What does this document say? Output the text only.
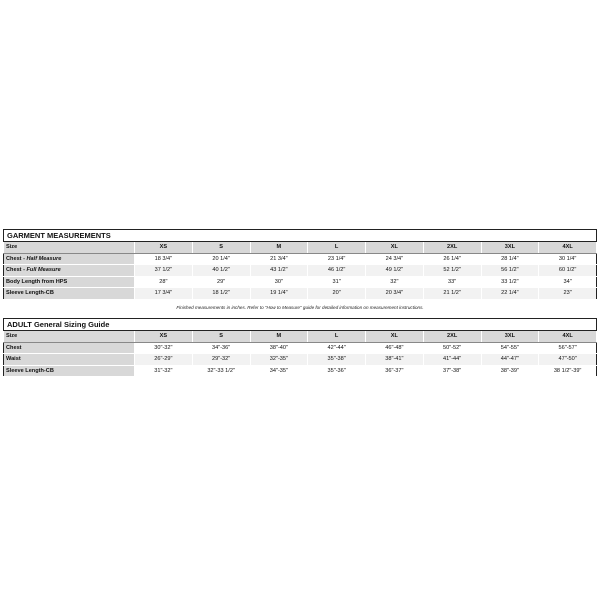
GARMENT MEASUREMENTS								
Size	XS	S	M	L	XL	2XL	3XL	4XL
Chest - Half Measure	18 3/4"	20 1/4"	21 3/4"	23 1/4"	24 3/4"	26 1/4"	28 1/4"	30 1/4"
Chest - Full Measure	37 1/2"	40 1/2"	43 1/2"	46 1/2"	49 1/2"	52 1/2"	56 1/2"	60 1/2"
Body Length from HPS	28"	29"	30"	31"	32"	33"	33 1/2"	34"
Sleeve Length-CB	17 3/4"	18 1/2"	19 1/4"	20"	20 3/4"	21 1/2"	22 1/4"	23"
Finished measurements in inches. Refer to "How to Measure" guide for detailed information on measurement instructions.
ADULT General Sizing Guide								
Size	XS	S	M	L	XL	2XL	3XL	4XL
Chest	30"-32"	34"-36"	38"-40"	42"-44"	46"-48"	50"-52"	54"-55"	56"-57"
Waist	26"-29"	29"-32"	32"-35"	35"-38"	38"-41"	41"-44"	44"-47"	47"-50"
Sleeve Length-CB	31"-32"	32"-33 1/2"	34"-35"	35"-36"	36"-37"	37"-38"	38"-39"	38 1/2"-39"
